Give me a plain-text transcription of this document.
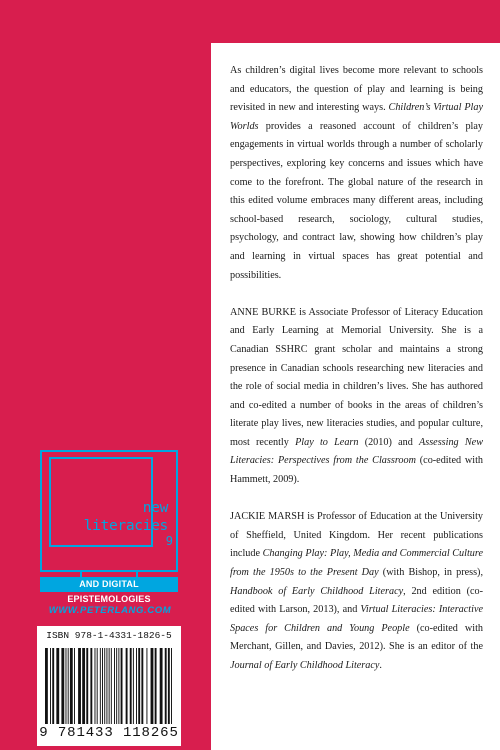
As children’s digital lives become more relevant to schools and educators, the question of play and learning is being revisited in new and interesting ways. Children’s Virtual Play Worlds provides a reasoned account of children’s play engagements in virtual worlds through a number of scholarly perspectives, exploring key concerns and issues which have come to the forefront. The global nature of the research in this edited volume embraces many different areas, including school-based research, sociology, cultural studies, psychology, and contract law, showing how children’s play and learning in virtual spaces has great potential and possibilities.

ANNE BURKE is Associate Professor of Literacy Education and Early Learning at Memorial University. She is a Canadian SSHRC grant scholar and maintains a strong presence in Canadian schools researching new literacies and the role of social media in children’s lives. She has authored and co-edited a number of books in the areas of children’s literate play lives, new literacies studies, and popular culture, most recently Play to Learn (2010) and Assessing New Literacies: Perspectives from the Classroom (co-edited with Hammett, 2009).

JACKIE MARSH is Professor of Education at the University of Sheffield, United Kingdom. Her recent publications include Changing Play: Play, Media and Commercial Culture from the 1950s to the Present Day (with Bishop, in press), Handbook of Early Childhood Literacy, 2nd edition (co-edited with Larson, 2013), and Virtual Literacies: Interactive Spaces for Children and Young People (co-edited with Merchant, Gillen, and Davies, 2012). She is an editor of the Journal of Early Childhood Literacy.

new
literacies
9
AND DIGITAL EPISTEMOLOGIES
WWW.PETERLANG.COM
ISBN 978-1-4331-1826-5
9 781433 118265
